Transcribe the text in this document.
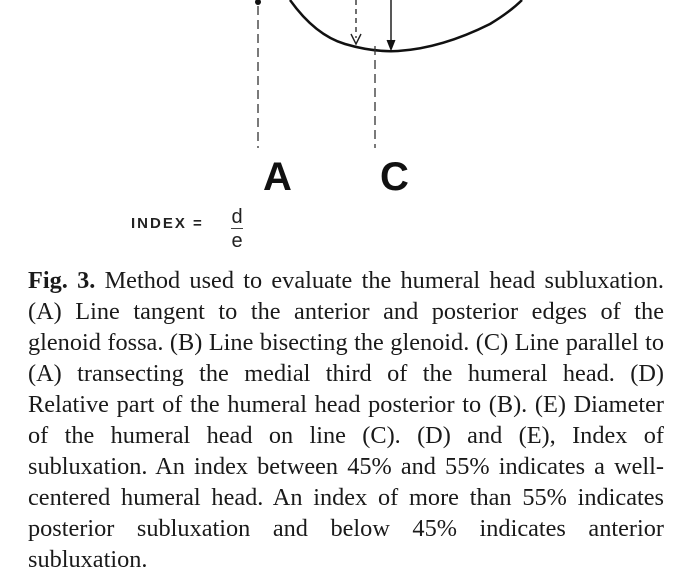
A C
INDEX = d
e
Fig. 3. Method used to evaluate the humeral head subluxation. (A) Line tangent to the anterior and posterior edges of the glenoid fossa. (B) Line bisecting the glenoid. (C) Line parallel to (A) transecting the medial third of the humeral head. (D) Relative part of the humeral head posterior to (B). (E) Diameter of the humeral head on line (C). (D) and (E), Index of subluxation. An index between 45% and 55% indicates a well-centered humeral head. An index of more than 55% indicates posterior subluxation and below 45% indicates anterior subluxation.
